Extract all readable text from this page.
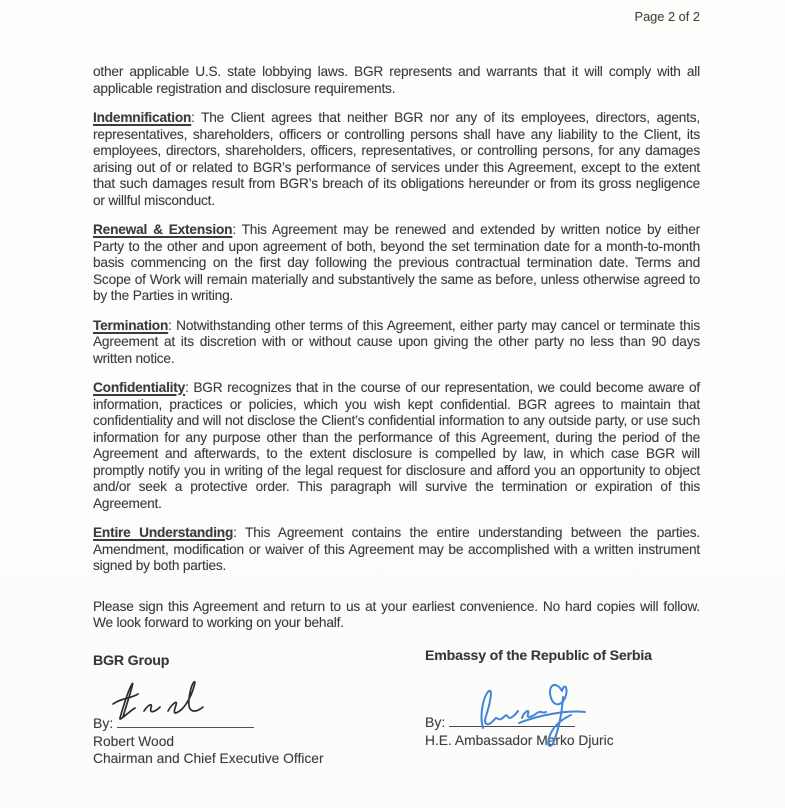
Page 2 of 2

other applicable U.S. state lobbying laws. BGR represents and warrants that it will comply with all applicable registration and disclosure requirements.

Indemnification: The Client agrees that neither BGR nor any of its employees, directors, agents, representatives, shareholders, officers or controlling persons shall have any liability to the Client, its employees, directors, shareholders, officers, representatives, or controlling persons, for any damages arising out of or related to BGR’s performance of services under this Agreement, except to the extent that such damages result from BGR’s breach of its obligations hereunder or from its gross negligence or willful misconduct.

Renewal & Extension: This Agreement may be renewed and extended by written notice by either Party to the other and upon agreement of both, beyond the set termination date for a month-to-month basis commencing on the first day following the previous contractual termination date. Terms and Scope of Work will remain materially and substantively the same as before, unless otherwise agreed to by the Parties in writing.

Termination: Notwithstanding other terms of this Agreement, either party may cancel or terminate this Agreement at its discretion with or without cause upon giving the other party no less than 90 days written notice.

Confidentiality: BGR recognizes that in the course of our representation, we could become aware of information, practices or policies, which you wish kept confidential. BGR agrees to maintain that confidentiality and will not disclose the Client’s confidential information to any outside party, or use such information for any purpose other than the performance of this Agreement, during the period of the Agreement and afterwards, to the extent disclosure is compelled by law, in which case BGR will promptly notify you in writing of the legal request for disclosure and afford you an opportunity to object and/or seek a protective order. This paragraph will survive the termination or expiration of this Agreement.

Entire Understanding: This Agreement contains the entire understanding between the parties. Amendment, modification or waiver of this Agreement may be accomplished with a written instrument signed by both parties.

Please sign this Agreement and return to us at your earliest convenience. No hard copies will follow. We look forward to working on your behalf.

BGR Group
By:
Robert Wood
Chairman and Chief Executive Officer
Embassy of the Republic of Serbia
By:
H.E. Ambassador Marko Djuric
